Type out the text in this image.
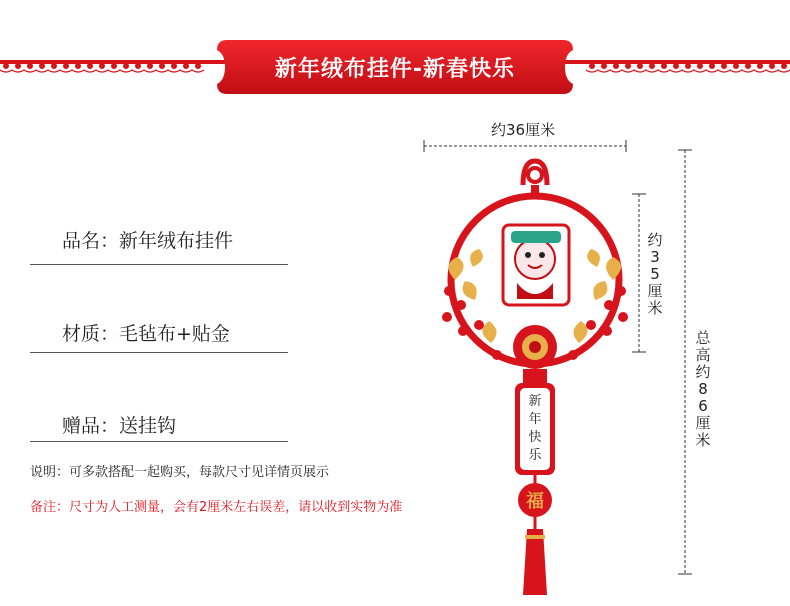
新年绒布挂件-新春快乐
品名：新年绒布挂件
材质：毛毡布+贴金
赠品：送挂钩
说明：可多款搭配一起购买，每款尺寸见详情页展示
备注：尺寸为人工测量，会有2厘米左右误差，请以收到实物为准
约36厘米
约35厘米
总高约86厘米
新
年
快
乐
福
